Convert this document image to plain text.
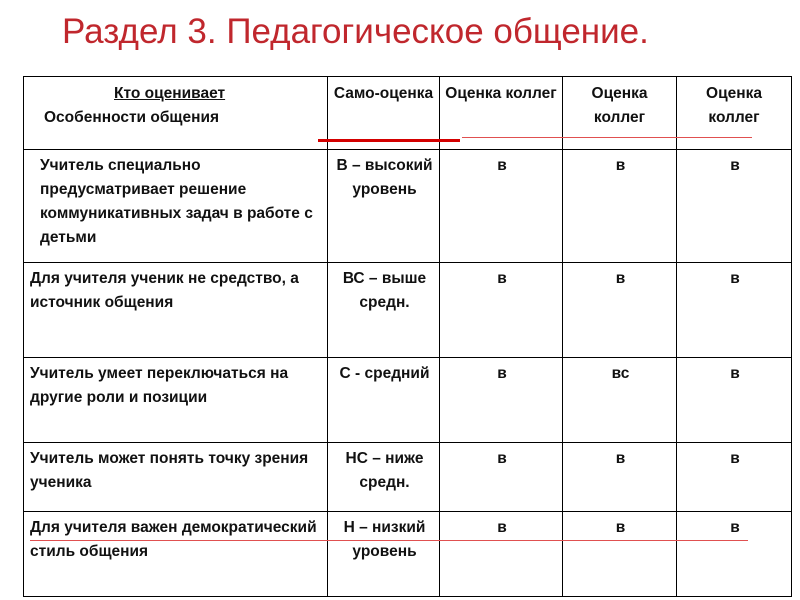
Раздел 3. Педагогическое общение.
Кто оценивает
Особенности общения	Само-оценка	Оценка коллег	Оценка коллег	Оценка коллег
Учитель специально предусматривает решение коммуникативных задач в работе с детьми	В – высокий уровень	в	в	в
Для учителя ученик не средство, а источник общения	ВС – выше средн.	в	в	в
Учитель умеет переключаться на другие роли и позиции	С - средний	в	вс	в
Учитель может понять точку зрения ученика	НС – ниже средн.	в	в	в
Для учителя важен демократический стиль общения	Н – низкий уровень	в	в	в
